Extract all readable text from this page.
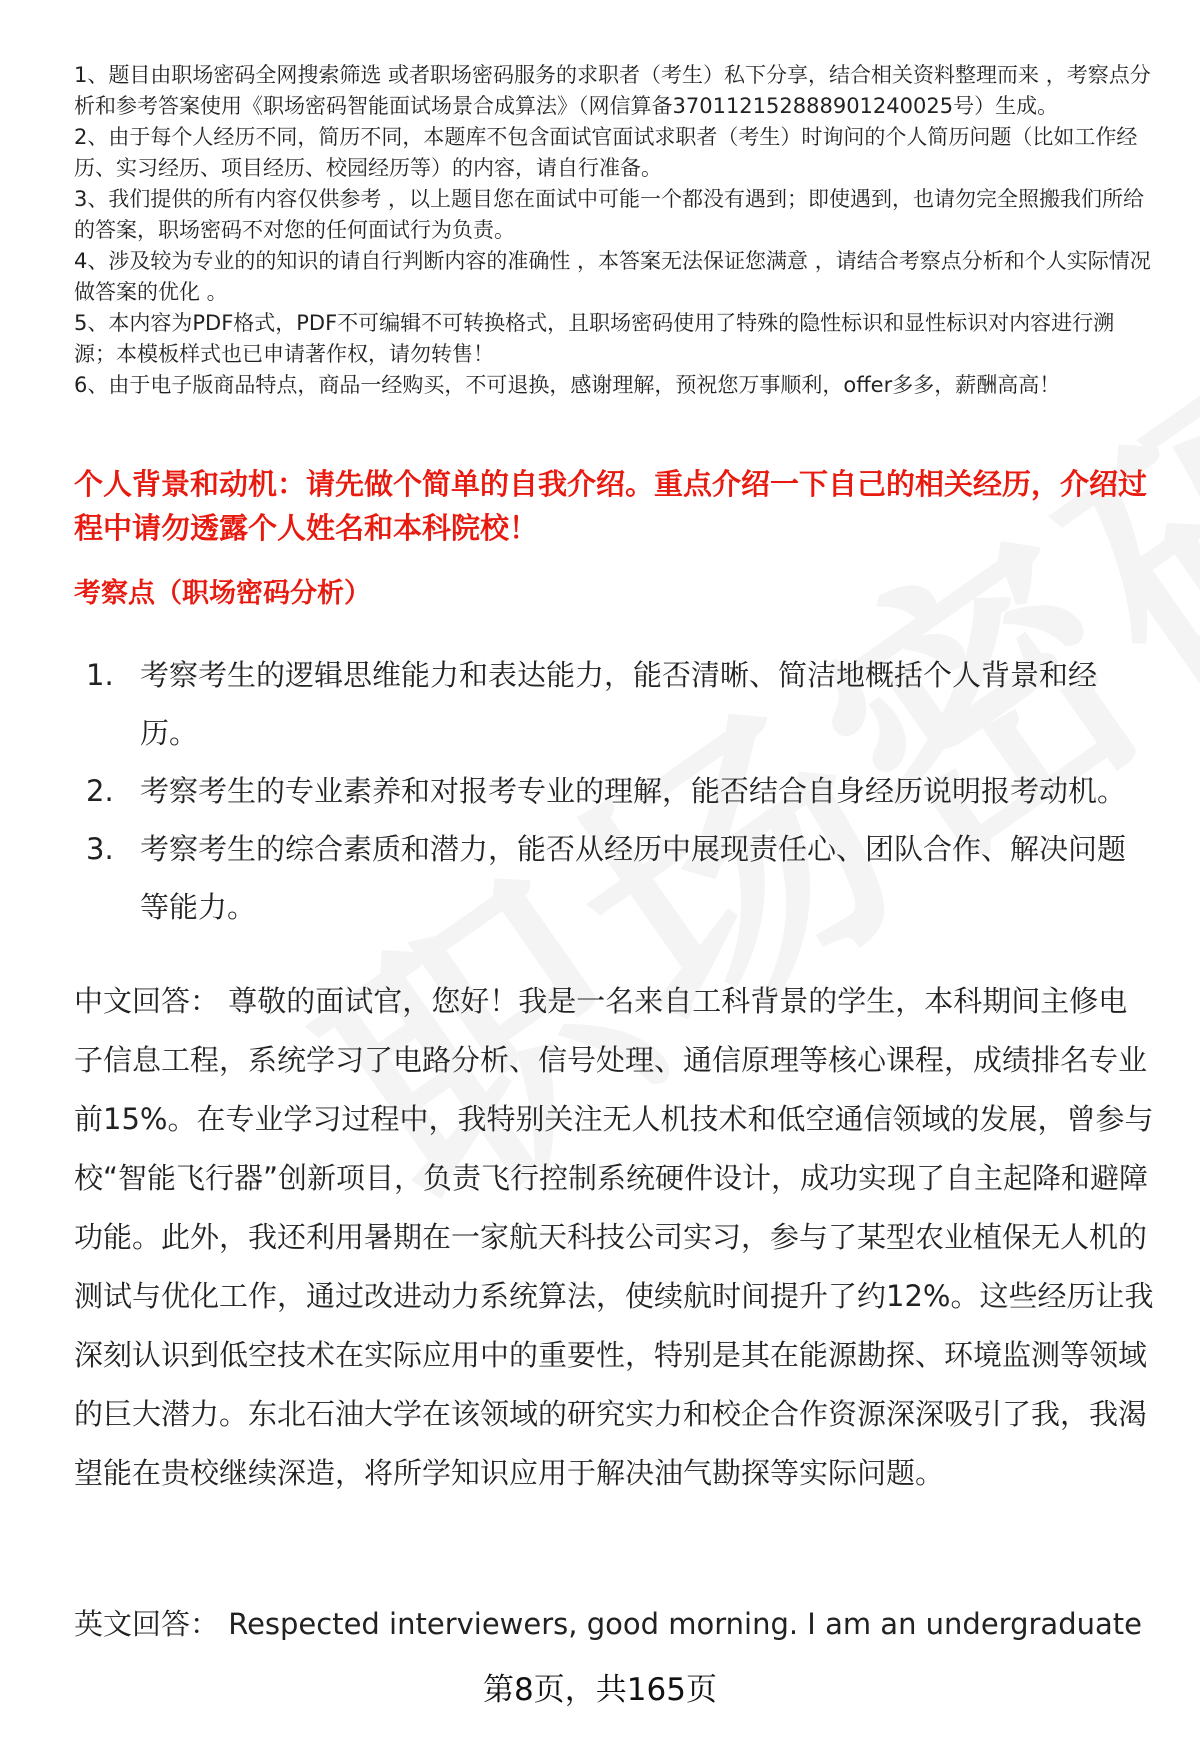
1、题目由职场密码全网搜索筛选 或者职场密码服务的求职者（考生）私下分享，结合相关资料整理而来 ，考察点分析和参考答案使用《职场密码智能面试场景合成算法》（网信算备370112152888901240025号）生成。

2、由于每个人经历不同，简历不同，本题库不包含面试官面试求职者（考生）时询问的个人简历问题（比如工作经历、实习经历、项目经历、校园经历等）的内容，请自行准备。

3、我们提供的所有内容仅供参考 ，以上题目您在面试中可能一个都没有遇到；即使遇到，也请勿完全照搬我们所给的答案，职场密码不对您的任何面试行为负责。

4、涉及较为专业的的知识的请自行判断内容的准确性 ，本答案无法保证您满意 ，请结合考察点分析和个人实际情况做答案的优化 。

5、本内容为PDF格式，PDF不可编辑不可转换格式，且职场密码使用了特殊的隐性标识和显性标识对内容进行溯源；本模板样式也已申请著作权，请勿转售！

6、由于电子版商品特点，商品一经购买，不可退换，感谢理解，预祝您万事顺利，offer多多，薪酬高高！

个人背景和动机：请先做个简单的自我介绍。重点介绍一下自己的相关经历，介绍过程中请勿透露个人姓名和本科院校！
考察点（职场密码分析）
1. 考察考生的逻辑思维能力和表达能力，能否清晰、简洁地概括个人背景和经历。
2. 考察考生的专业素养和对报考专业的理解，能否结合自身经历说明报考动机。
3. 考察考生的综合素质和潜力，能否从经历中展现责任心、团队合作、解决问题等能力。

中文回答： 尊敬的面试官，您好！我是一名来自工科背景的学生，本科期间主修电子信息工程，系统学习了电路分析、信号处理、通信原理等核心课程，成绩排名专业前15%。在专业学习过程中，我特别关注无人机技术和低空通信领域的发展，曾参与校“智能飞行器”创新项目，负责飞行控制系统硬件设计，成功实现了自主起降和避障功能。此外，我还利用暑期在一家航天科技公司实习，参与了某型农业植保无人机的测试与优化工作，通过改进动力系统算法，使续航时间提升了约12%。这些经历让我深刻认识到低空技术在实际应用中的重要性，特别是其在能源勘探、环境监测等领域的巨大潜力。东北石油大学在该领域的研究实力和校企合作资源深深吸引了我，我渴望能在贵校继续深造，将所学知识应用于解决油气勘探等实际问题。

英文回答： Respected interviewers, good morning. I am an undergraduate

第8页，共165页
